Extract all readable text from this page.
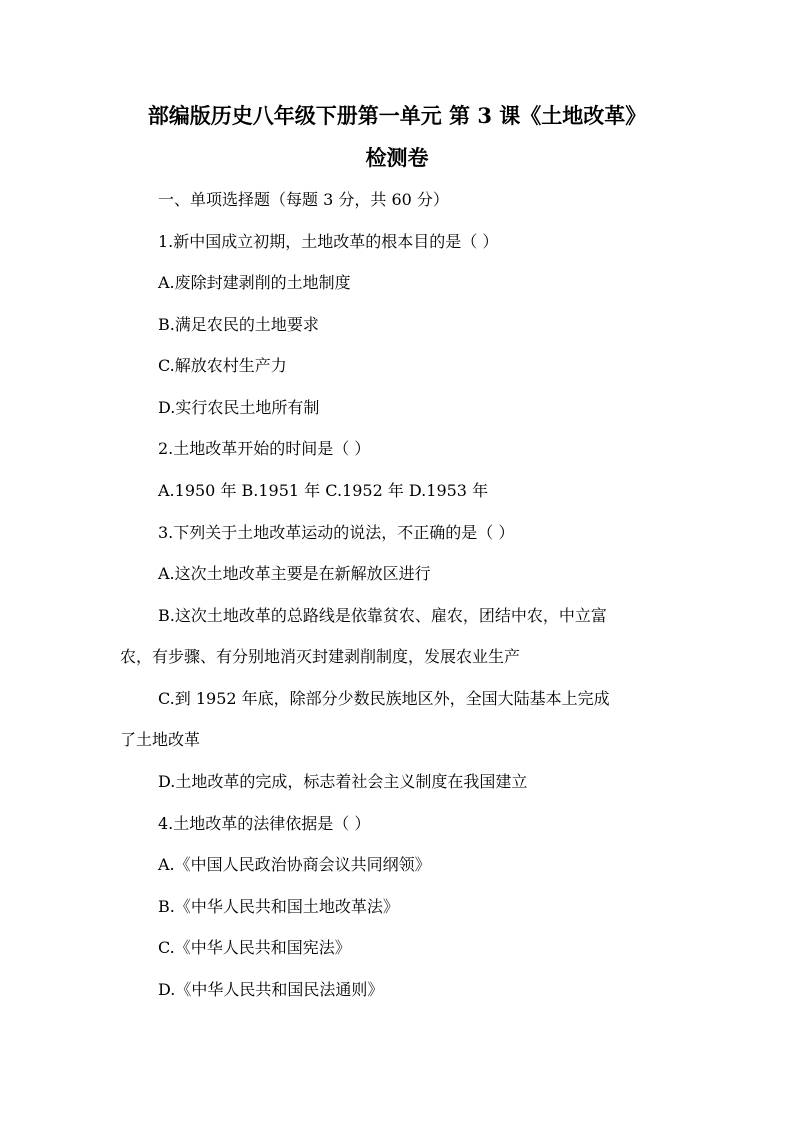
部编版历史八年级下册第一单元 第 3 课《土地改革》
检测卷
一、单项选择题（每题 3 分，共 60 分）
1.新中国成立初期，土地改革的根本目的是（ ）
A.废除封建剥削的土地制度
B.满足农民的土地要求
C.解放农村生产力
D.实行农民土地所有制
2.土地改革开始的时间是（ ）
A.1950 年 B.1951 年 C.1952 年 D.1953 年
3.下列关于土地改革运动的说法，不正确的是（ ）
A.这次土地改革主要是在新解放区进行
B.这次土地改革的总路线是依靠贫农、雇农，团结中农，中立富
农，有步骤、有分别地消灭封建剥削制度，发展农业生产
C.到 1952 年底，除部分少数民族地区外，全国大陆基本上完成
了土地改革
D.土地改革的完成，标志着社会主义制度在我国建立
4.土地改革的法律依据是（ ）
A.《中国人民政治协商会议共同纲领》
B.《中华人民共和国土地改革法》
C.《中华人民共和国宪法》
D.《中华人民共和国民法通则》
